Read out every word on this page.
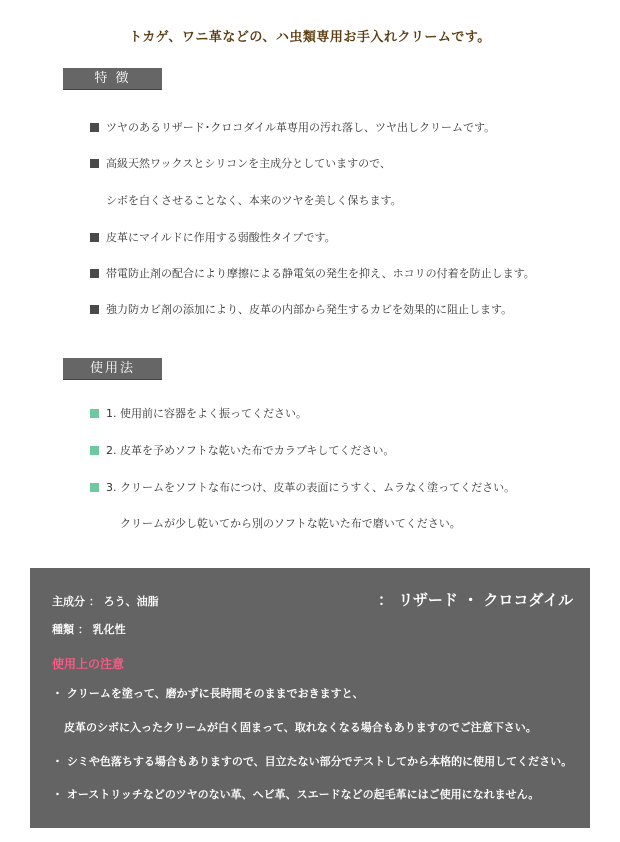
トカゲ、ワニ革などの、ハ虫類専用お手入れクリームです。
特 徴
ツヤのあるリザード･クロコダイル革専用の汚れ落し、ツヤ出しクリームです。
高級天然ワックスとシリコンを主成分としていますので、
シボを白くさせることなく、本来のツヤを美しく保ちます。
皮革にマイルドに作用する弱酸性タイプです。
帯電防止剤の配合により摩擦による静電気の発生を抑え、ホコリの付着を防止します。
強力防カビ剤の添加により、皮革の内部から発生するカビを効果的に阻止します。
使用法
1. 使用前に容器をよく振ってください。
2. 皮革を予めソフトな乾いた布でカラブキしてください。
3. クリームをソフトな布につけ、皮革の表面にうすく、ムラなく塗ってください。
クリームが少し乾いてから別のソフトな乾いた布で磨いてください。
主成分 ： ろう、油脂
種類 ： 乳化性
： リザード ・ クロコダイル
使用上の注意
・ クリームを塗って、磨かずに長時間そのままでおきますと、
皮革のシボに入ったクリームが白く固まって、取れなくなる場合もありますのでご注意下さい。
・ シミや色落ちする場合もありますので、目立たない部分でテストしてから本格的に使用してください。
・ オーストリッチなどのツヤのない革、ヘビ革、スエードなどの起毛革にはご使用になれません。
